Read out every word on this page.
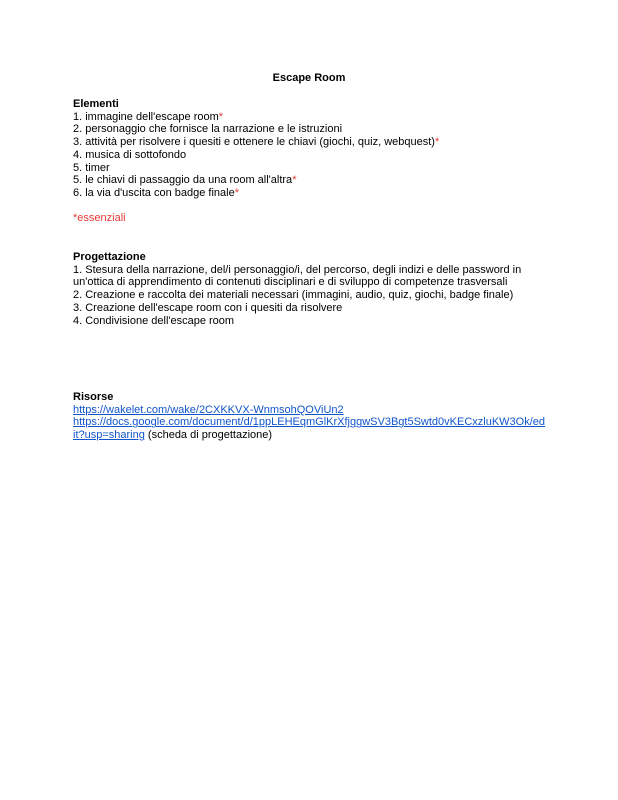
Escape Room
Elementi
1. immagine dell'escape room*
2. personaggio che fornisce la narrazione e le istruzioni
3. attività per risolvere i quesiti e ottenere le chiavi (giochi, quiz, webquest)*
4. musica di sottofondo
5. timer
5. le chiavi di passaggio da una room all'altra*
6. la via d'uscita con badge finale*
*essenziali
Progettazione
1. Stesura della narrazione, del/i personaggio/i, del percorso, degli indizi e delle password in un'ottica di apprendimento di contenuti disciplinari e di sviluppo di competenze trasversali
2. Creazione e raccolta dei materiali necessari (immagini, audio, quiz, giochi, badge finale)
3. Creazione dell'escape room con i quesiti da risolvere
4. Condivisione dell'escape room
Risorse
https://wakelet.com/wake/2CXKKVX-WnmsohQOViUn2
https://docs.google.com/document/d/1ppLEHEqmGlKrXfjggwSV3Bgt5Swtd0vKECxzluKW3Ok/edit?usp=sharing (scheda di progettazione)
